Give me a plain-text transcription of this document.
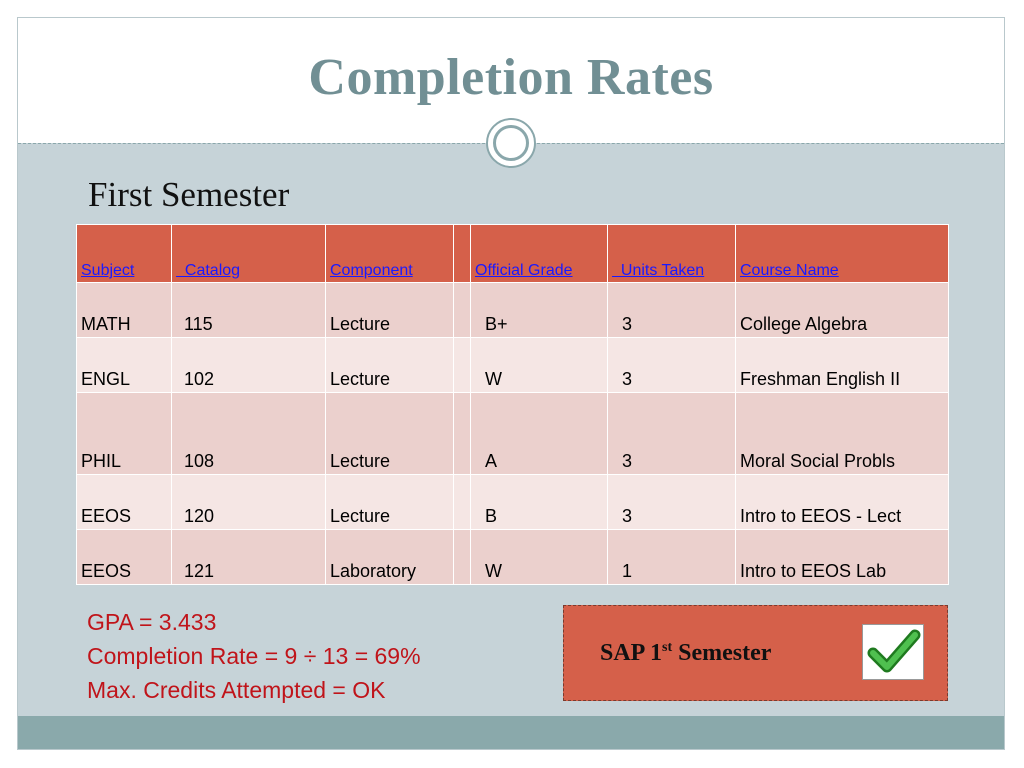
Completion Rates
First Semester
Subject	Catalog	Component		Official Grade	Units Taken	Course Name
MATH	115	Lecture		B+	3	College Algebra
ENGL	102	Lecture		W	3	Freshman English II
PHIL	108	Lecture		A	3	Moral Social Probls
EEOS	120	Lecture		B	3	Intro to EEOS - Lect
EEOS	121	Laboratory		W	1	Intro to EEOS Lab
GPA = 3.433
Completion Rate = 9 ÷ 13 = 69%
Max. Credits Attempted = OK
SAP 1st Semester
